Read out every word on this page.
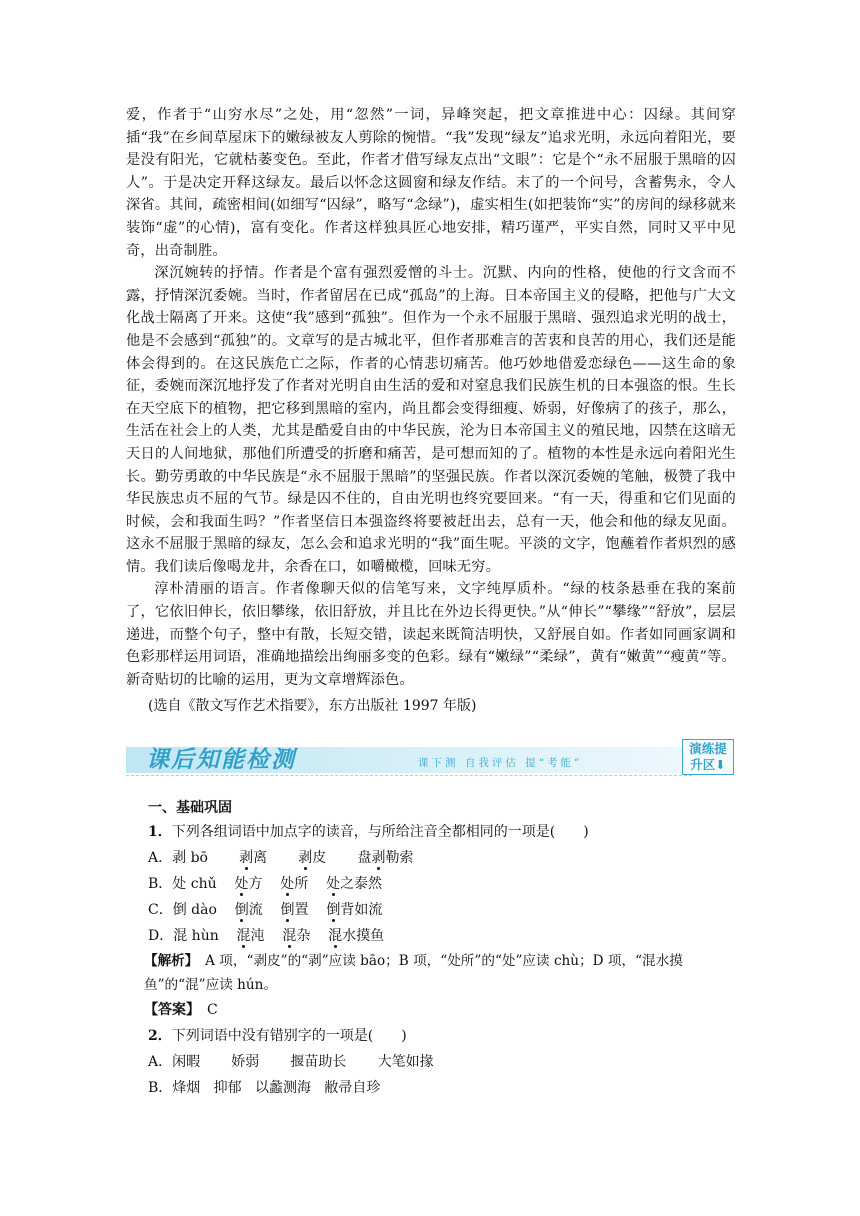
爱，作者于“山穷水尽”之处，用“忽然”一词，异峰突起，把文章推进中心：囚绿。其间穿插“我”在乡间草屋床下的嫩绿被友人剪除的惋惜。“我”发现“绿友”追求光明，永远向着阳光，要是没有阳光，它就枯萎变色。至此，作者才借写绿友点出“文眼”：它是个“永不屈服于黑暗的囚人”。于是决定开释这绿友。最后以怀念这圆窗和绿友作结。末了的一个问号，含蓄隽永，令人深省。其间，疏密相间(如细写“囚绿”，略写“念绿”)，虚实相生(如把装饰“实”的房间的绿移就来装饰“虚”的心情)，富有变化。作者这样独具匠心地安排，精巧谨严，平实自然，同时又平中见奇，出奇制胜。

深沉婉转的抒情。作者是个富有强烈爱憎的斗士。沉默、内向的性格，使他的行文含而不露，抒情深沉委婉。当时，作者留居在已成“孤岛”的上海。日本帝国主义的侵略，把他与广大文化战士隔离了开来。这使“我”感到“孤独”。但作为一个永不屈服于黑暗、强烈追求光明的战士，他是不会感到“孤独”的。文章写的是古城北平，但作者那难言的苦衷和良苦的用心，我们还是能体会得到的。在这民族危亡之际，作者的心情悲切痛苦。他巧妙地借爱恋绿色——这生命的象征，委婉而深沉地抒发了作者对光明自由生活的爱和对窒息我们民族生机的日本强盗的恨。生长在天空底下的植物，把它移到黑暗的室内，尚且都会变得细瘦、娇弱，好像病了的孩子，那么，生活在社会上的人类，尤其是酷爱自由的中华民族，沦为日本帝国主义的殖民地，囚禁在这暗无天日的人间地狱，那他们所遭受的折磨和痛苦，是可想而知的了。植物的本性是永远向着阳光生长。勤劳勇敢的中华民族是“永不屈服于黑暗”的坚强民族。作者以深沉委婉的笔触，极赞了我中华民族忠贞不屈的气节。绿是囚不住的，自由光明也终究要回来。“有一天，得重和它们见面的时候，会和我面生吗？”作者坚信日本强盗终将要被赶出去，总有一天，他会和他的绿友见面。这永不屈服于黑暗的绿友，怎么会和追求光明的“我”面生呢。平淡的文字，饱蘸着作者炽烈的感情。我们读后像喝龙井，余香在口，如嚼橄榄，回味无穷。

淳朴清丽的语言。作者像聊天似的信笔写来，文字纯厚质朴。“绿的枝条悬垂在我的案前了，它依旧伸长，依旧攀缘，依旧舒放，并且比在外边长得更快。”从“伸长”“攀缘”“舒放”，层层递进，而整个句子，整中有散，长短交错，读起来既简洁明快，又舒展自如。作者如同画家调和色彩那样运用词语，准确地描绘出绚丽多变的色彩。绿有“嫩绿”“柔绿”，黄有“嫩黄”“瘦黄”等。新奇贴切的比喻的运用，更为文章增辉添色。

(选自《散文写作艺术指要》，东方出版社 1997 年版)

课后知能检测	课下测 自我评估 提“考能”
演练提
升区⬇
一、基础巩固

1．下列各组词语中加点字的读音，与所给注音全都相同的一项是(　　)

A．剥 bō 剥离 剥皮 盘剥勒索

B．处 chǔ 处方 处所 处之泰然

C．倒 dào 倒流 倒置 倒背如流

D．混 hùn 混沌 混杂 混水摸鱼

【解析】　 A 项，“剥皮”的“剥”应读 bāo；B 项，“处所”的“处”应读 chù；D 项，“混水摸鱼”的“混”应读 hún。

【答案】　 C

2．下列词语中没有错别字的一项是(　　)

A．闲暇 娇弱 揠苗助长 大笔如掾

B．烽烟 抑郁 以蠡测海 敝帚自珍
